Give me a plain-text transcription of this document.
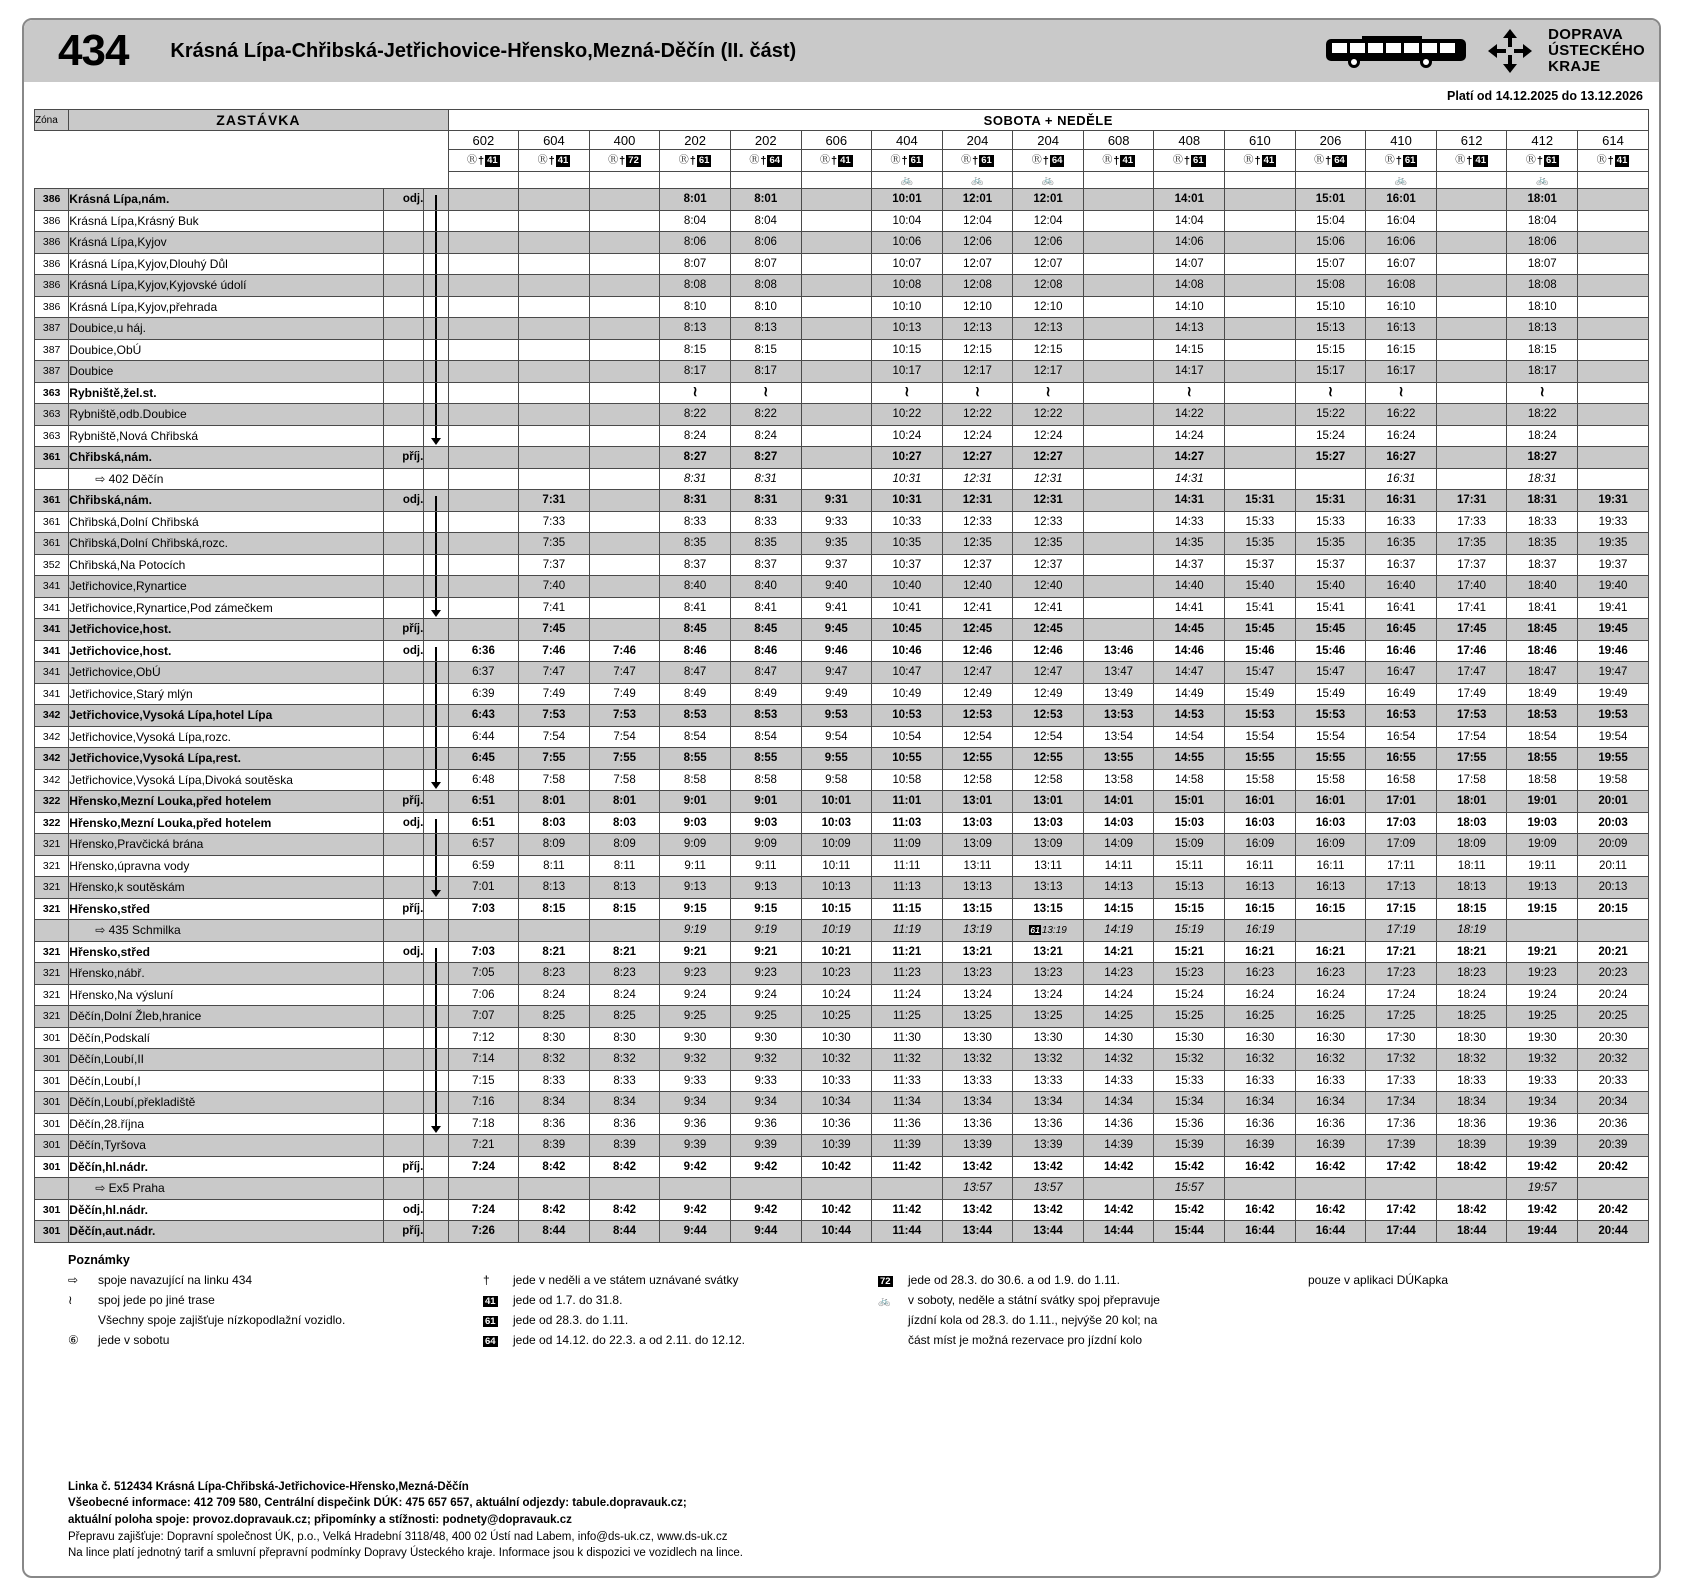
434 Krásná Lípa-Chřibská-Jetřichovice-Hřensko,Mezná-Děčín (II. část)
DOPRAVA
ÚSTECKÉHO
KRAJE
Platí od 14.12.2025 do 13.12.2026
Zóna	ZASTÁVKA			SOBOTA + NEDĚLE																
				602	604	400	202	202	606	404	204	204	608	408	610	206	410	612	412	614

				Ⓡ † 41	Ⓡ † 41	Ⓡ † 72	Ⓡ † 61	Ⓡ † 64	Ⓡ † 41	Ⓡ † 61	Ⓡ † 61	Ⓡ † 64	Ⓡ † 41	Ⓡ † 61	Ⓡ † 41	Ⓡ † 64	Ⓡ † 61	Ⓡ † 41	Ⓡ † 61	Ⓡ † 41

										🚲	🚲	🚲					🚲		🚲	
386	Krásná Lípa,nám.	odj.					8:01	8:01		10:01	12:01	12:01		14:01		15:01	16:01		18:01	
386	Krásná Lípa,Krásný Buk						8:04	8:04		10:04	12:04	12:04		14:04		15:04	16:04		18:04	
386	Krásná Lípa,Kyjov						8:06	8:06		10:06	12:06	12:06		14:06		15:06	16:06		18:06	
386	Krásná Lípa,Kyjov,Dlouhý Důl						8:07	8:07		10:07	12:07	12:07		14:07		15:07	16:07		18:07	
386	Krásná Lípa,Kyjov,Kyjovské údolí						8:08	8:08		10:08	12:08	12:08		14:08		15:08	16:08		18:08	
386	Krásná Lípa,Kyjov,přehrada						8:10	8:10		10:10	12:10	12:10		14:10		15:10	16:10		18:10	
387	Doubice,u háj.						8:13	8:13		10:13	12:13	12:13		14:13		15:13	16:13		18:13	
387	Doubice,ObÚ						8:15	8:15		10:15	12:15	12:15		14:15		15:15	16:15		18:15	
387	Doubice						8:17	8:17		10:17	12:17	12:17		14:17		15:17	16:17		18:17	
363	Rybniště,žel.st.						≀	≀		≀	≀	≀		≀		≀	≀		≀	
363	Rybniště,odb.Doubice						8:22	8:22		10:22	12:22	12:22		14:22		15:22	16:22		18:22	
363	Rybniště,Nová Chřibská						8:24	8:24		10:24	12:24	12:24		14:24		15:24	16:24		18:24	
361	Chřibská,nám.	příj.					8:27	8:27		10:27	12:27	12:27		14:27		15:27	16:27		18:27	
	⇨ 402 Děčín						8:31	8:31		10:31	12:31	12:31		14:31			16:31		18:31	
361	Chřibská,nám.	odj.			7:31		8:31	8:31	9:31	10:31	12:31	12:31		14:31	15:31	15:31	16:31	17:31	18:31	19:31
361	Chřibská,Dolní Chřibská				7:33		8:33	8:33	9:33	10:33	12:33	12:33		14:33	15:33	15:33	16:33	17:33	18:33	19:33
361	Chřibská,Dolní Chřibská,rozc.				7:35		8:35	8:35	9:35	10:35	12:35	12:35		14:35	15:35	15:35	16:35	17:35	18:35	19:35
352	Chřibská,Na Potocích				7:37		8:37	8:37	9:37	10:37	12:37	12:37		14:37	15:37	15:37	16:37	17:37	18:37	19:37
341	Jetřichovice,Rynartice				7:40		8:40	8:40	9:40	10:40	12:40	12:40		14:40	15:40	15:40	16:40	17:40	18:40	19:40
341	Jetřichovice,Rynartice,Pod zámečkem				7:41		8:41	8:41	9:41	10:41	12:41	12:41		14:41	15:41	15:41	16:41	17:41	18:41	19:41
341	Jetřichovice,host.	příj.			7:45		8:45	8:45	9:45	10:45	12:45	12:45		14:45	15:45	15:45	16:45	17:45	18:45	19:45
341	Jetřichovice,host.	odj.		6:36	7:46	7:46	8:46	8:46	9:46	10:46	12:46	12:46	13:46	14:46	15:46	15:46	16:46	17:46	18:46	19:46
341	Jetřichovice,ObÚ			6:37	7:47	7:47	8:47	8:47	9:47	10:47	12:47	12:47	13:47	14:47	15:47	15:47	16:47	17:47	18:47	19:47
341	Jetřichovice,Starý mlýn			6:39	7:49	7:49	8:49	8:49	9:49	10:49	12:49	12:49	13:49	14:49	15:49	15:49	16:49	17:49	18:49	19:49
342	Jetřichovice,Vysoká Lípa,hotel Lípa			6:43	7:53	7:53	8:53	8:53	9:53	10:53	12:53	12:53	13:53	14:53	15:53	15:53	16:53	17:53	18:53	19:53
342	Jetřichovice,Vysoká Lípa,rozc.			6:44	7:54	7:54	8:54	8:54	9:54	10:54	12:54	12:54	13:54	14:54	15:54	15:54	16:54	17:54	18:54	19:54
342	Jetřichovice,Vysoká Lípa,rest.			6:45	7:55	7:55	8:55	8:55	9:55	10:55	12:55	12:55	13:55	14:55	15:55	15:55	16:55	17:55	18:55	19:55
342	Jetřichovice,Vysoká Lípa,Divoká soutěska			6:48	7:58	7:58	8:58	8:58	9:58	10:58	12:58	12:58	13:58	14:58	15:58	15:58	16:58	17:58	18:58	19:58
322	Hřensko,Mezní Louka,před hotelem	příj.		6:51	8:01	8:01	9:01	9:01	10:01	11:01	13:01	13:01	14:01	15:01	16:01	16:01	17:01	18:01	19:01	20:01
322	Hřensko,Mezní Louka,před hotelem	odj.		6:51	8:03	8:03	9:03	9:03	10:03	11:03	13:03	13:03	14:03	15:03	16:03	16:03	17:03	18:03	19:03	20:03
321	Hřensko,Pravčická brána			6:57	8:09	8:09	9:09	9:09	10:09	11:09	13:09	13:09	14:09	15:09	16:09	16:09	17:09	18:09	19:09	20:09
321	Hřensko,úpravna vody			6:59	8:11	8:11	9:11	9:11	10:11	11:11	13:11	13:11	14:11	15:11	16:11	16:11	17:11	18:11	19:11	20:11
321	Hřensko,k soutěskám			7:01	8:13	8:13	9:13	9:13	10:13	11:13	13:13	13:13	14:13	15:13	16:13	16:13	17:13	18:13	19:13	20:13
321	Hřensko,střed	příj.		7:03	8:15	8:15	9:15	9:15	10:15	11:15	13:15	13:15	14:15	15:15	16:15	16:15	17:15	18:15	19:15	20:15
	⇨ 435 Schmilka						9:19	9:19	10:19	11:19	13:19	61 13:19	14:19	15:19	16:19		17:19	18:19		
321	Hřensko,střed	odj.		7:03	8:21	8:21	9:21	9:21	10:21	11:21	13:21	13:21	14:21	15:21	16:21	16:21	17:21	18:21	19:21	20:21
321	Hřensko,nábř.			7:05	8:23	8:23	9:23	9:23	10:23	11:23	13:23	13:23	14:23	15:23	16:23	16:23	17:23	18:23	19:23	20:23
321	Hřensko,Na výsluní			7:06	8:24	8:24	9:24	9:24	10:24	11:24	13:24	13:24	14:24	15:24	16:24	16:24	17:24	18:24	19:24	20:24
321	Děčín,Dolní Žleb,hranice			7:07	8:25	8:25	9:25	9:25	10:25	11:25	13:25	13:25	14:25	15:25	16:25	16:25	17:25	18:25	19:25	20:25
301	Děčín,Podskalí			7:12	8:30	8:30	9:30	9:30	10:30	11:30	13:30	13:30	14:30	15:30	16:30	16:30	17:30	18:30	19:30	20:30
301	Děčín,Loubí,II			7:14	8:32	8:32	9:32	9:32	10:32	11:32	13:32	13:32	14:32	15:32	16:32	16:32	17:32	18:32	19:32	20:32
301	Děčín,Loubí,I			7:15	8:33	8:33	9:33	9:33	10:33	11:33	13:33	13:33	14:33	15:33	16:33	16:33	17:33	18:33	19:33	20:33
301	Děčín,Loubí,překladiště			7:16	8:34	8:34	9:34	9:34	10:34	11:34	13:34	13:34	14:34	15:34	16:34	16:34	17:34	18:34	19:34	20:34
301	Děčín,28.října			7:18	8:36	8:36	9:36	9:36	10:36	11:36	13:36	13:36	14:36	15:36	16:36	16:36	17:36	18:36	19:36	20:36
301	Děčín,Tyršova			7:21	8:39	8:39	9:39	9:39	10:39	11:39	13:39	13:39	14:39	15:39	16:39	16:39	17:39	18:39	19:39	20:39
301	Děčín,hl.nádr.	příj.		7:24	8:42	8:42	9:42	9:42	10:42	11:42	13:42	13:42	14:42	15:42	16:42	16:42	17:42	18:42	19:42	20:42
	⇨ Ex5 Praha										13:57	13:57		15:57					19:57	
301	Děčín,hl.nádr.	odj.		7:24	8:42	8:42	9:42	9:42	10:42	11:42	13:42	13:42	14:42	15:42	16:42	16:42	17:42	18:42	19:42	20:42
301	Děčín,aut.nádr.	příj.		7:26	8:44	8:44	9:44	9:44	10:44	11:44	13:44	13:44	14:44	15:44	16:44	16:44	17:44	18:44	19:44	20:44
Poznámky
⇨	spoje navazující na linku 434
≀	spoj jede po jiné trase
Všechny spoje zajišťuje nízkopodlažní vozidlo.
⑥	jede v sobotu
†	jede v neděli a ve státem uznávané svátky
41	jede od 1.7. do 31.8.
61	jede od 28.3. do 1.11.
64	jede od 14.12. do 22.3. a od 2.11. do 12.12.
72	jede od 28.3. do 30.6. a od 1.9. do 1.11.
🚲	v soboty, neděle a státní svátky spoj přepravuje
jízdní kola od 28.3. do 1.11., nejvýše 20 kol; na
část míst je možná rezervace pro jízdní kolo
pouze v aplikaci DÚKapka
Linka č. 512434 Krásná Lípa-Chřibská-Jetřichovice-Hřensko,Mezná-Děčín
Všeobecné informace: 412 709 580, Centrální dispečink DÚK: 475 657 657, aktuální odjezdy: tabule.dopravauk.cz;
aktuální poloha spoje: provoz.dopravauk.cz; připomínky a stížnosti: podnety@dopravauk.cz
Přepravu zajišťuje: Dopravní společnost ÚK, p.o., Velká Hradební 3118/48, 400 02 Ústí nad Labem, info@ds-uk.cz, www.ds-uk.cz
Na lince platí jednotný tarif a smluvní přepravní podmínky Dopravy Ústeckého kraje. Informace jsou k dispozici ve vozidlech na lince.
